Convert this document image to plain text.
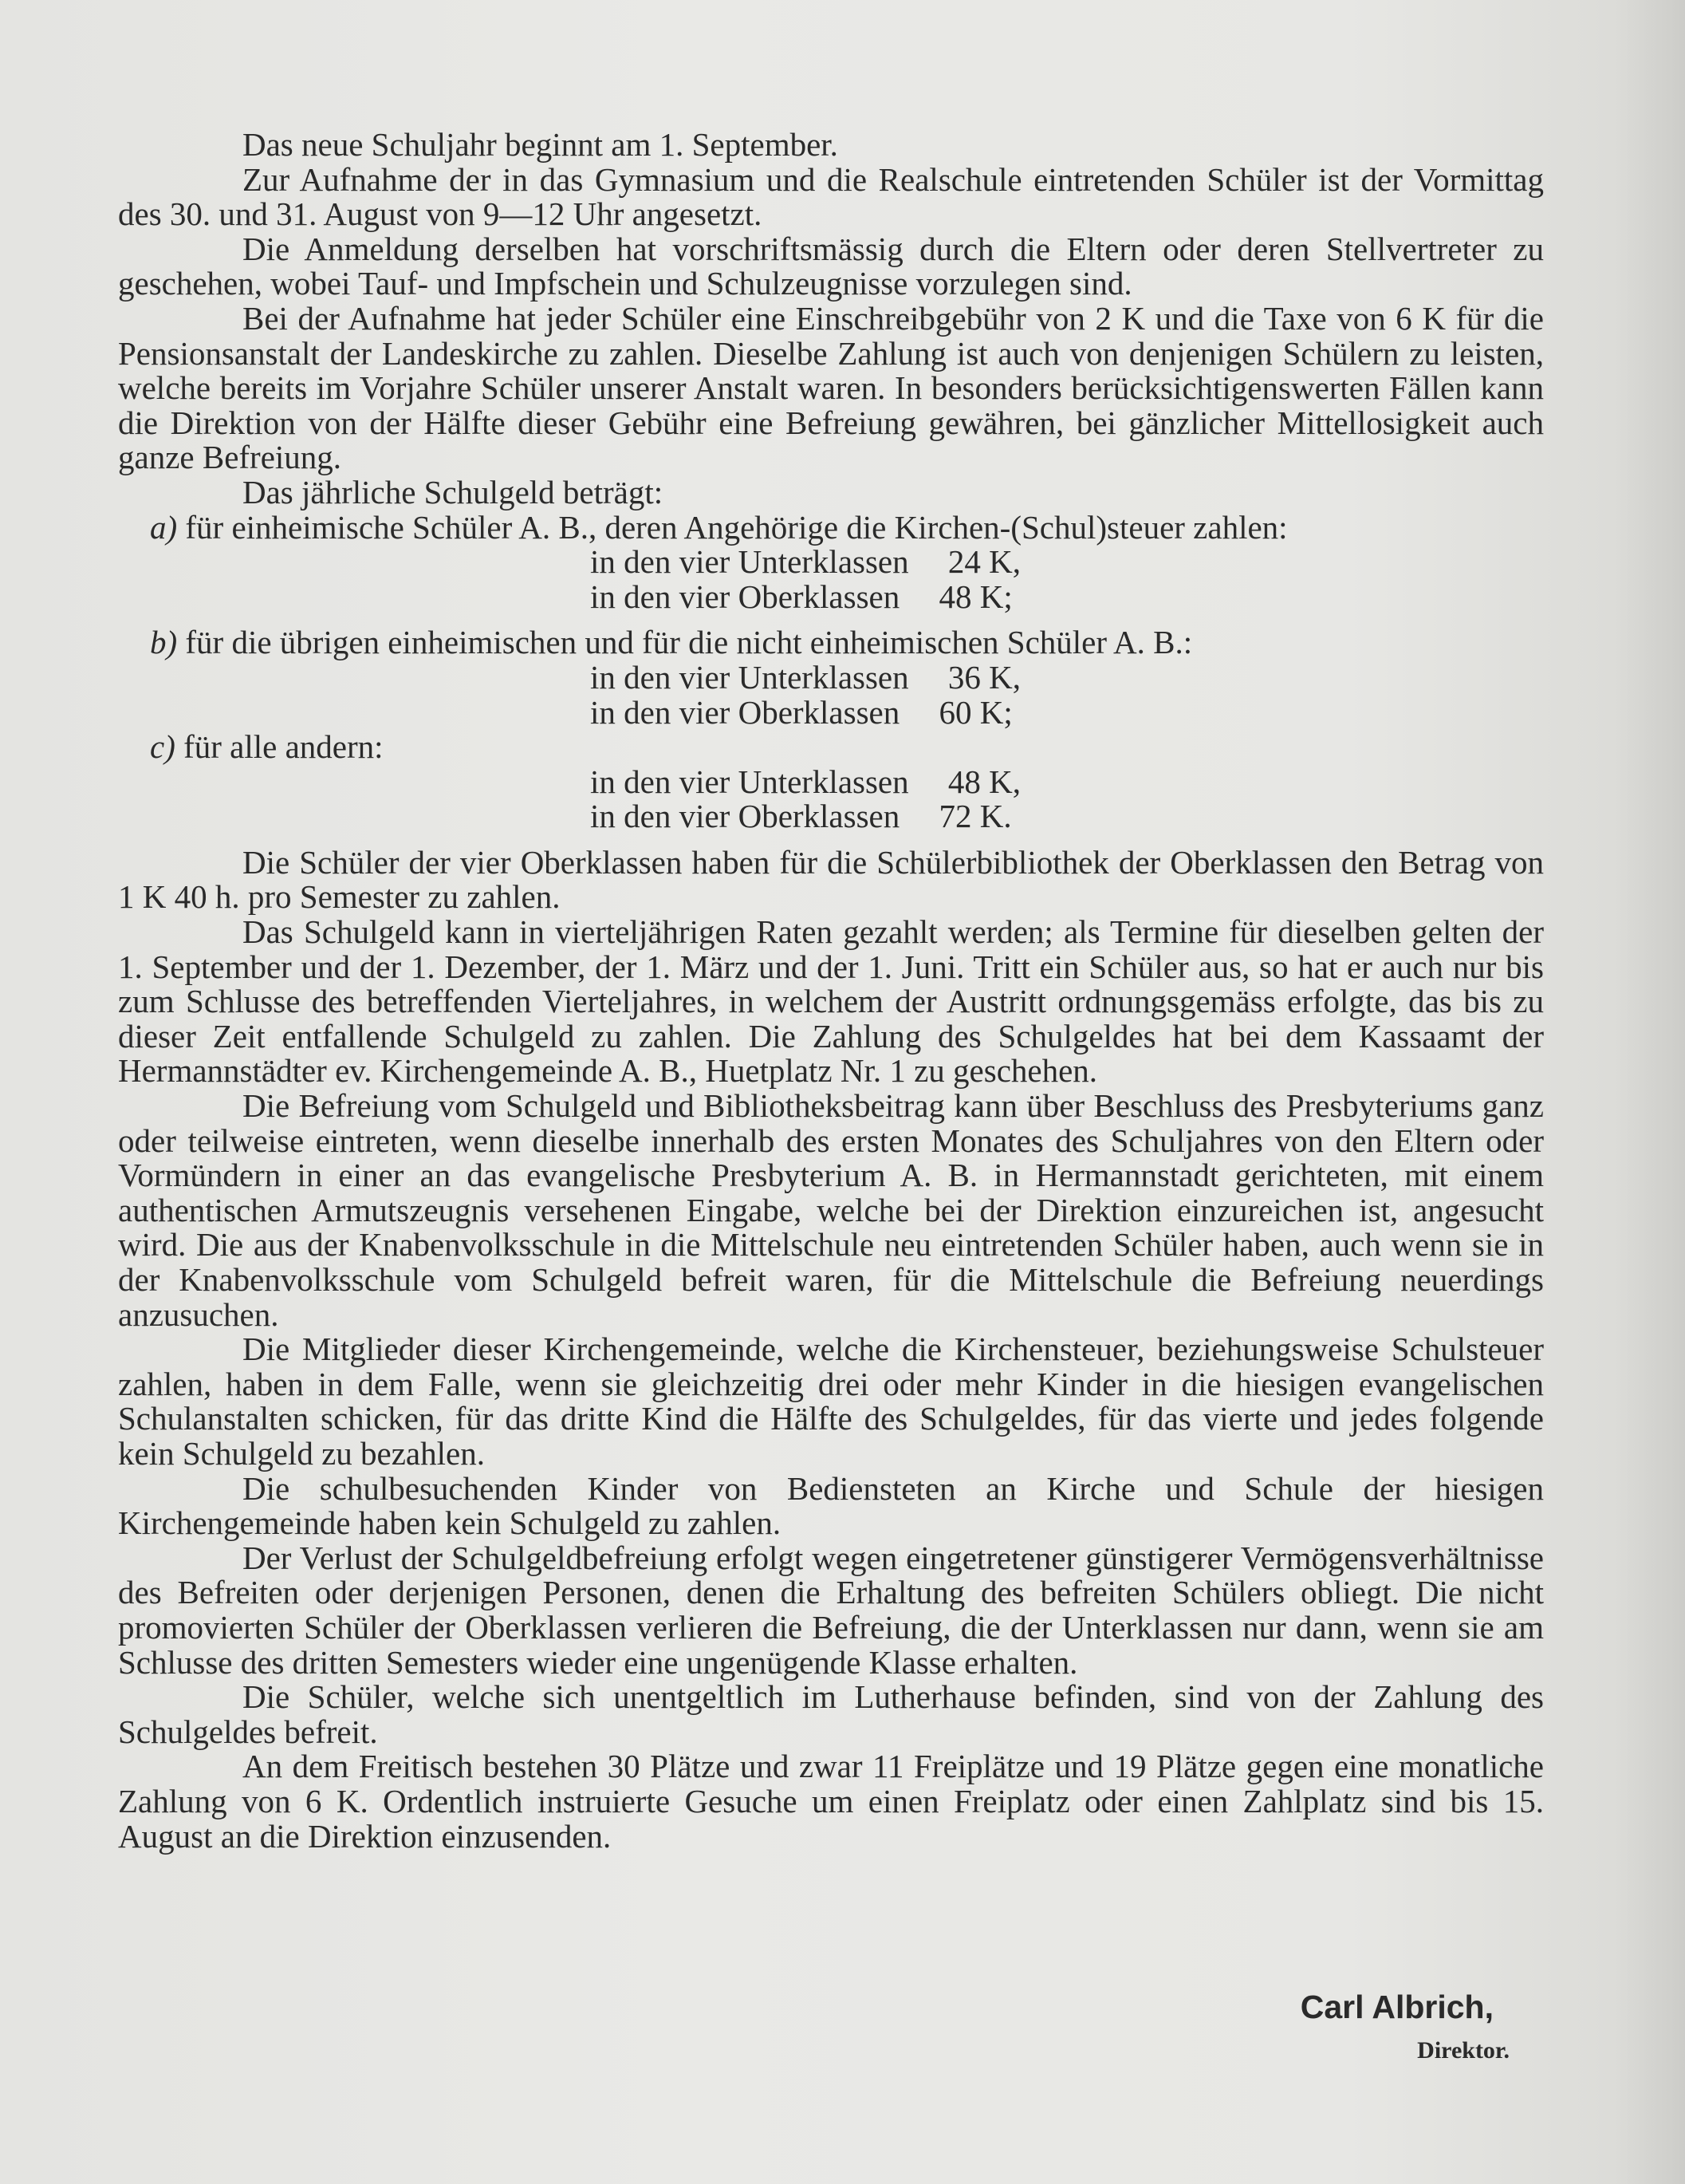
Das neue Schuljahr beginnt am 1. September.

Zur Aufnahme der in das Gymnasium und die Realschule eintretenden Schüler ist der Vormittag des 30. und 31. August von 9—12 Uhr angesetzt.

Die Anmeldung derselben hat vorschriftsmässig durch die Eltern oder deren Stellvertreter zu geschehen, wobei Tauf- und Impfschein und Schulzeugnisse vorzulegen sind.

Bei der Aufnahme hat jeder Schüler eine Einschreibgebühr von 2 K und die Taxe von 6 K für die Pensionsanstalt der Landeskirche zu zahlen. Dieselbe Zahlung ist auch von denjenigen Schülern zu leisten, welche bereits im Vorjahre Schüler unserer Anstalt waren. In besonders berücksichtigenswerten Fällen kann die Direktion von der Hälfte dieser Gebühr eine Befreiung gewähren, bei gänzlicher Mittellosigkeit auch ganze Befreiung.

Das jährliche Schulgeld beträgt:

a) für einheimische Schüler A. B., deren Angehörige die Kirchen-(Schul)steuer zahlen:
in den vier Unterklassen 24 K,
in den vier Oberklassen 48 K;
b) für die übrigen einheimischen und für die nicht einheimischen Schüler A. B.:
in den vier Unterklassen 36 K,
in den vier Oberklassen 60 K;
c) für alle andern:
in den vier Unterklassen 48 K,
in den vier Oberklassen 72 K.

Die Schüler der vier Oberklassen haben für die Schülerbibliothek der Oberklassen den Betrag von 1 K 40 h. pro Semester zu zahlen.

Das Schulgeld kann in vierteljährigen Raten gezahlt werden; als Termine für dieselben gelten der 1. September und der 1. Dezember, der 1. März und der 1. Juni. Tritt ein Schüler aus, so hat er auch nur bis zum Schlusse des betreffenden Vierteljahres, in welchem der Austritt ordnungsgemäss erfolgte, das bis zu dieser Zeit entfallende Schulgeld zu zahlen. Die Zahlung des Schulgeldes hat bei dem Kassaamt der Hermannstädter ev. Kirchengemeinde A. B., Huetplatz Nr. 1 zu geschehen.

Die Befreiung vom Schulgeld und Bibliotheksbeitrag kann über Beschluss des Presbyteriums ganz oder teilweise eintreten, wenn dieselbe innerhalb des ersten Monates des Schuljahres von den Eltern oder Vormündern in einer an das evangelische Presbyterium A. B. in Hermannstadt gerichteten, mit einem authentischen Armutszeugnis versehenen Eingabe, welche bei der Direktion einzureichen ist, angesucht wird. Die aus der Knabenvolksschule in die Mittelschule neu eintretenden Schüler haben, auch wenn sie in der Knabenvolksschule vom Schulgeld befreit waren, für die Mittelschule die Befreiung neuerdings anzusuchen.

Die Mitglieder dieser Kirchengemeinde, welche die Kirchensteuer, beziehungsweise Schulsteuer zahlen, haben in dem Falle, wenn sie gleichzeitig drei oder mehr Kinder in die hiesigen evangelischen Schulanstalten schicken, für das dritte Kind die Hälfte des Schulgeldes, für das vierte und jedes folgende kein Schulgeld zu bezahlen.

Die schulbesuchenden Kinder von Bediensteten an Kirche und Schule der hiesigen Kirchengemeinde haben kein Schulgeld zu zahlen.

Der Verlust der Schulgeldbefreiung erfolgt wegen eingetretener günstigerer Vermögensverhältnisse des Befreiten oder derjenigen Personen, denen die Erhaltung des befreiten Schülers obliegt. Die nicht promovierten Schüler der Oberklassen verlieren die Befreiung, die der Unterklassen nur dann, wenn sie am Schlusse des dritten Semesters wieder eine ungenügende Klasse erhalten.

Die Schüler, welche sich unentgeltlich im Lutherhause befinden, sind von der Zahlung des Schulgeldes befreit.

An dem Freitisch bestehen 30 Plätze und zwar 11 Freiplätze und 19 Plätze gegen eine monatliche Zahlung von 6 K. Ordentlich instruierte Gesuche um einen Freiplatz oder einen Zahlplatz sind bis 15. August an die Direktion einzusenden.

Carl Albrich,
Direktor.
